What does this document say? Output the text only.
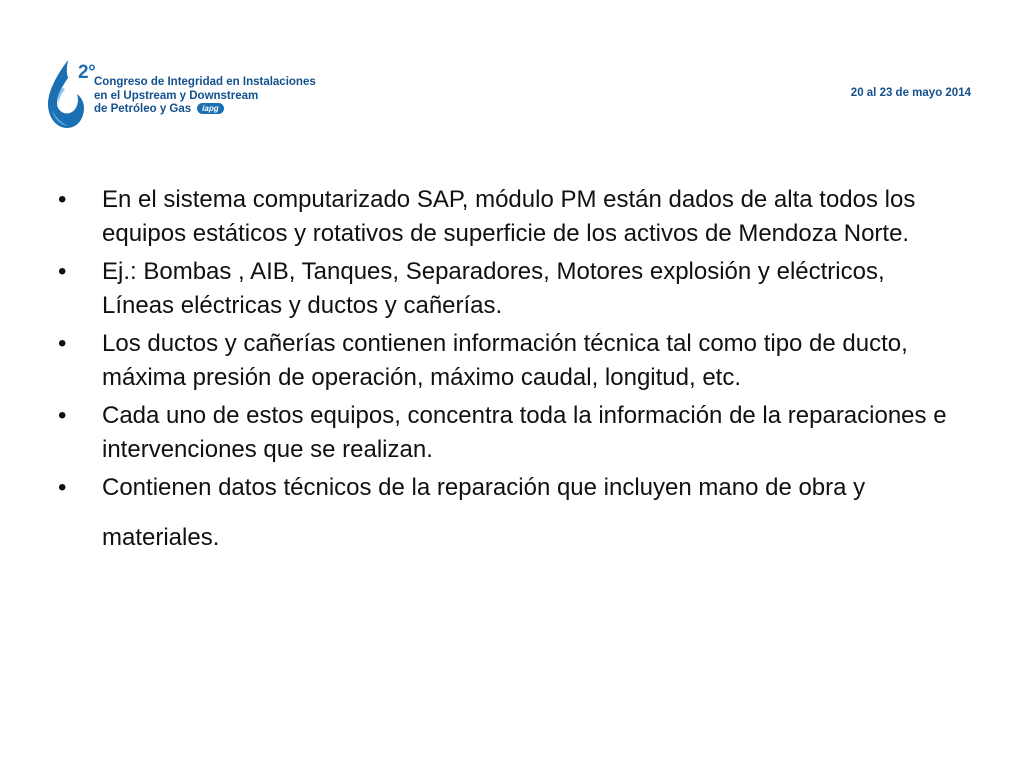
2°
Congreso de Integridad en Instalaciones
en el Upstream y Downstream
de Petróleo y Gas iapg
20 al 23 de mayo 2014
•	En el sistema computarizado SAP, módulo PM están dados de alta todos los equipos estáticos y rotativos de superficie de los activos de Mendoza Norte.
•	Ej.: Bombas , AIB, Tanques, Separadores, Motores explosión y eléctricos, Líneas eléctricas y ductos y cañerías.
•	Los ductos y cañerías contienen información técnica tal como tipo de ducto, máxima presión de operación, máximo caudal, longitud, etc.
•	Cada uno de estos equipos, concentra toda la información de la reparaciones e intervenciones que se realizan.
•	Contienen datos técnicos de la reparación que incluyen mano de obra y materiales.
